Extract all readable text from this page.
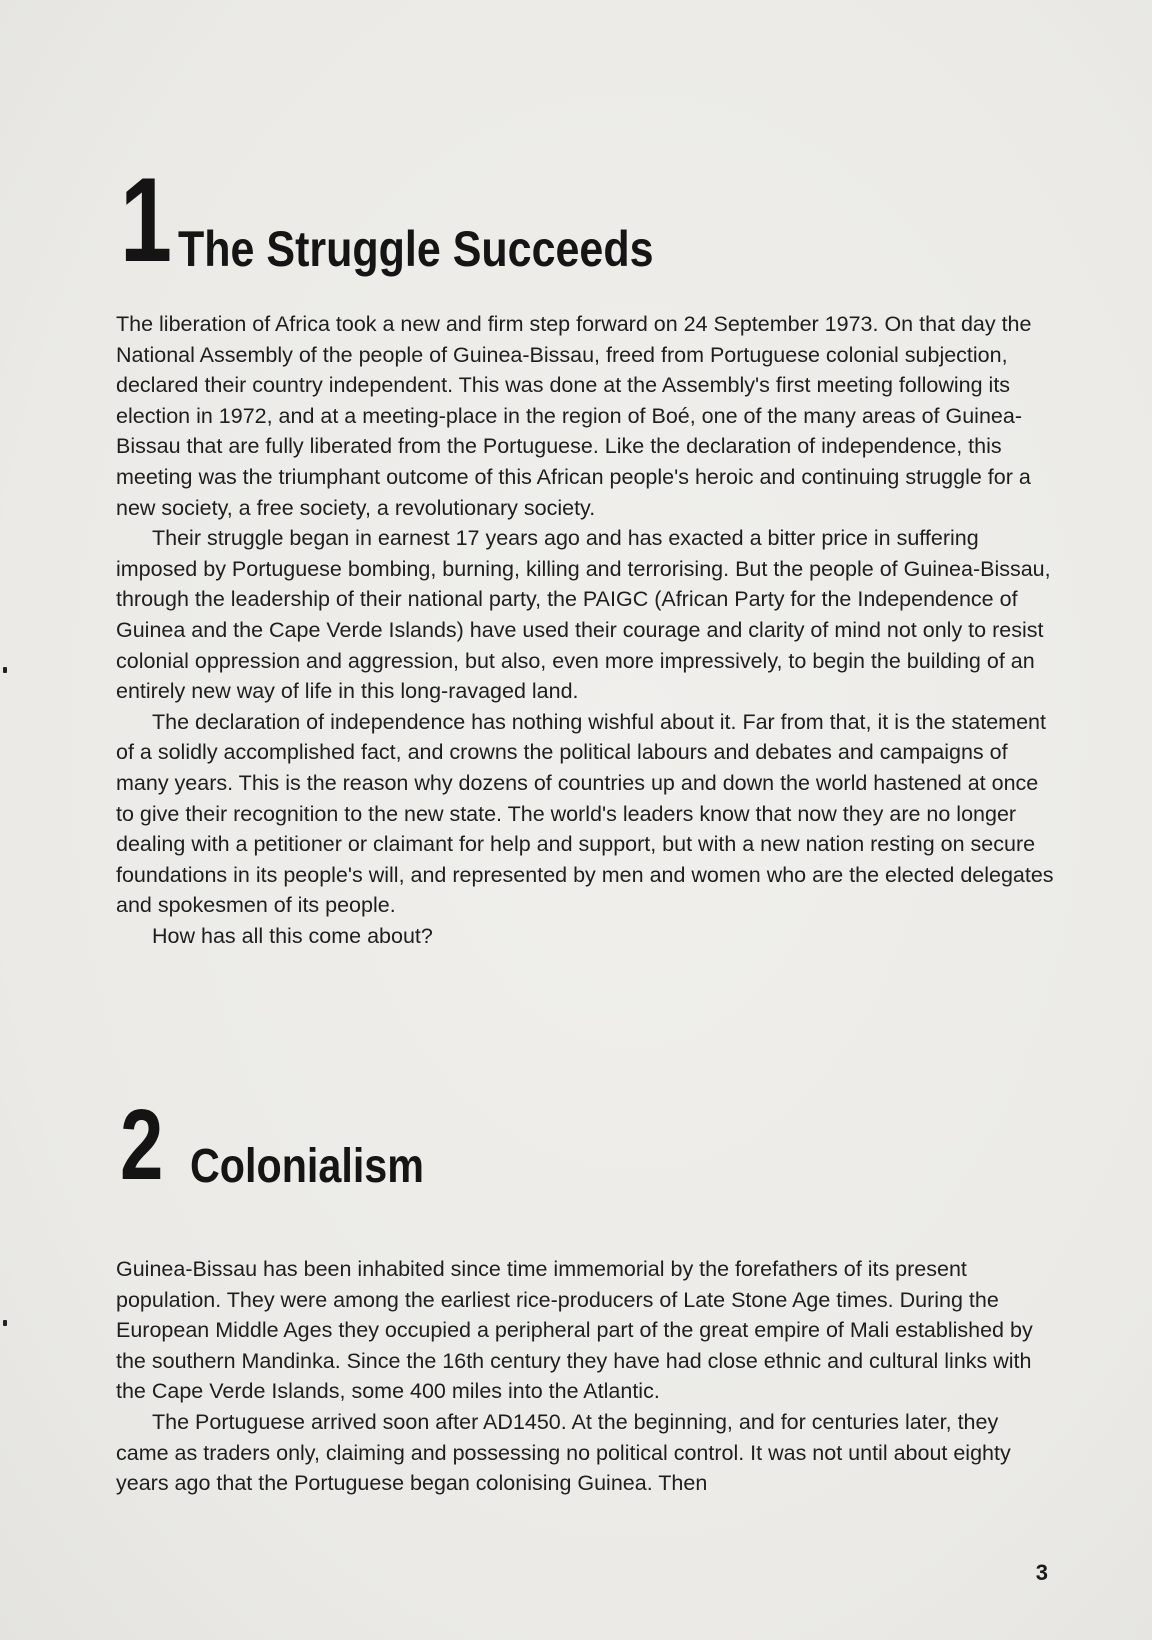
1 The Struggle Succeeds

The liberation of Africa took a new and firm step forward on 24 September 1973. On that day the National Assembly of the people of Guinea-Bissau, freed from Portuguese colonial subjection, declared their country independent. This was done at the Assembly's first meeting following its election in 1972, and at a meeting-place in the region of Boé, one of the many areas of Guinea-Bissau that are fully liberated from the Portuguese. Like the declaration of independence, this meeting was the triumphant outcome of this African people's heroic and continuing struggle for a new society, a free society, a revolutionary society.

Their struggle began in earnest 17 years ago and has exacted a bitter price in suffering imposed by Portuguese bombing, burning, killing and terrorising. But the people of Guinea-Bissau, through the leadership of their national party, the PAIGC (African Party for the Independence of Guinea and the Cape Verde Islands) have used their courage and clarity of mind not only to resist colonial oppression and aggression, but also, even more impressively, to begin the building of an entirely new way of life in this long-ravaged land.

The declaration of independence has nothing wishful about it. Far from that, it is the statement of a solidly accomplished fact, and crowns the political labours and debates and campaigns of many years. This is the reason why dozens of countries up and down the world hastened at once to give their recognition to the new state. The world's leaders know that now they are no longer dealing with a petitioner or claimant for help and support, but with a new nation resting on secure foundations in its people's will, and represented by men and women who are the elected delegates and spokesmen of its people.

How has all this come about?

2 Colonialism

Guinea-Bissau has been inhabited since time immemorial by the forefathers of its present population. They were among the earliest rice-producers of Late Stone Age times. During the European Middle Ages they occupied a peripheral part of the great empire of Mali established by the southern Mandinka. Since the 16th century they have had close ethnic and cultural links with the Cape Verde Islands, some 400 miles into the Atlantic.

The Portuguese arrived soon after AD1450. At the beginning, and for centuries later, they came as traders only, claiming and possessing no political control. It was not until about eighty years ago that the Portuguese began colonising Guinea. Then

3
